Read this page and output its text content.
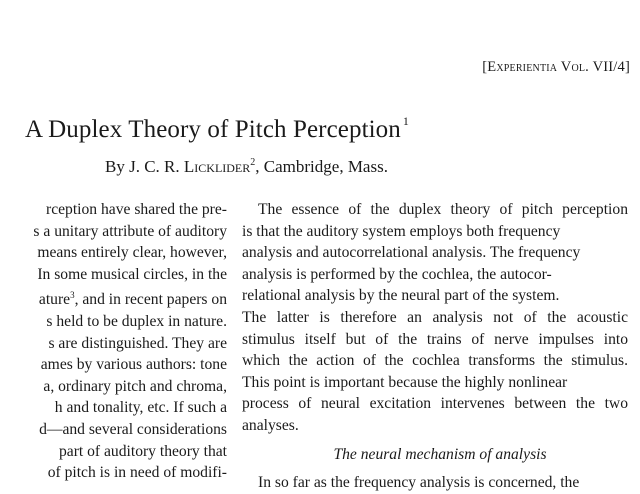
[Experientia Vol. VII/4]
A Duplex Theory of Pitch Perception $^1$
By J. C. R. Licklider$^2$, Cambridge, Mass.
rception have shared the pre-
s a unitary attribute of auditory
means entirely clear, however,
In some musical circles, in the
ature$^3$, and in recent papers on
s held to be duplex in nature.
s are distinguished. They are
ames by various authors: tone
a, ordinary pitch and chroma,
h and tonality, etc. If such a
d—and several considerations
part of auditory theory that
of pitch is in need of modifi-
The essence of the duplex theory of pitch perception
is that the auditory system employs both frequency
analysis and autocorrelational analysis. The frequency
analysis is performed by the cochlea, the autocor-
relational analysis by the neural part of the system.
The latter is therefore an analysis not of the acoustic
stimulus itself but of the trains of nerve impulses into
which the action of the cochlea transforms the stimulus.
This point is important because the highly nonlinear
process of neural excitation intervenes between the two
analyses.
The neural mechanism of analysis
In so far as the frequency analysis is concerned, the
